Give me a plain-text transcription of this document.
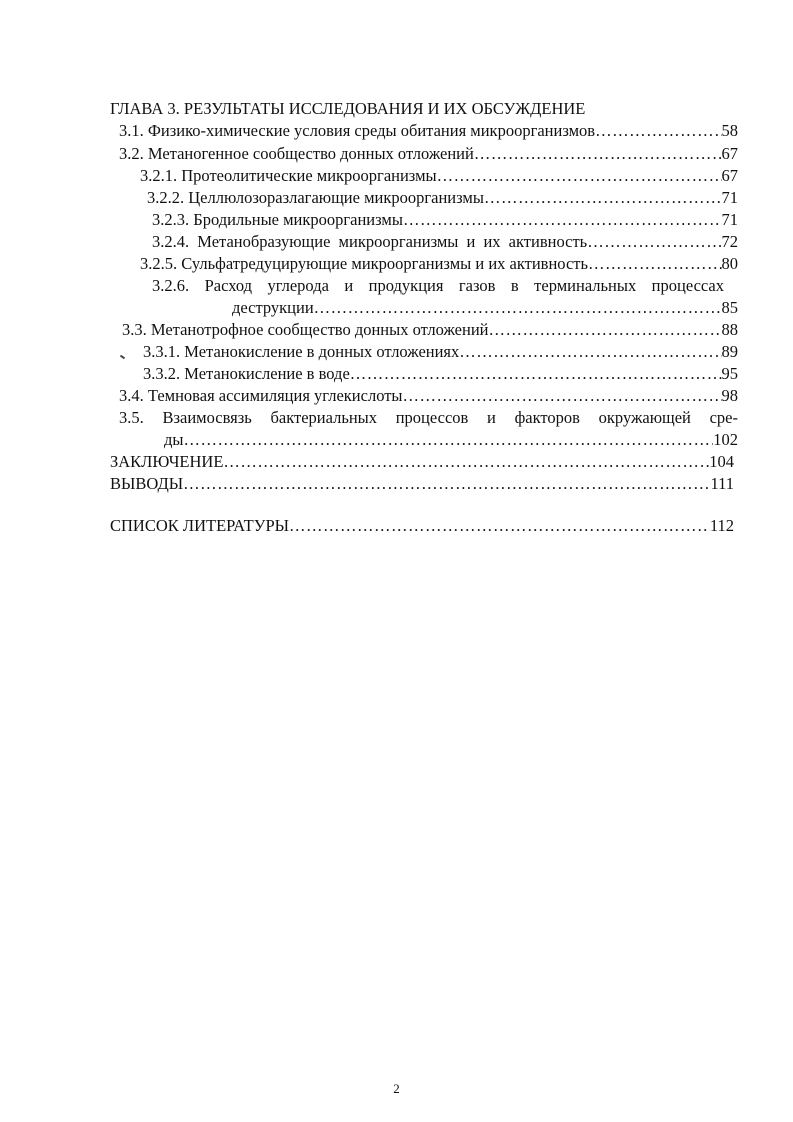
ГЛАВА 3. РЕЗУЛЬТАТЫ ИССЛЕДОВАНИЯ И ИХ ОБСУЖДЕНИЕ
3.1. Физико-химические условия среды обитания микроорганизмов ……………………………………………………………………………………………………………………………………………………………………………………………………	58
3.2. Метаногенное сообщество донных отложений ……………………………………………………………………………………………………………………………………………………………………………………………………	67
3.2.1. Протеолитические микроорганизмы ……………………………………………………………………………………………………………………………………………………………………………………………………	67
3.2.2. Целлюлозоразлагающие микроорганизмы ……………………………………………………………………………………………………………………………………………………………………………………………………	71
3.2.3. Бродильные микроорганизмы ……………………………………………………………………………………………………………………………………………………………………………………………………	71
3.2.4. Метанобразующие микроорганизмы и их активность ……………………………………………………………………………………………………………………………………………………………………………………………………	72
3.2.5. Сульфатредуцирующие микроорганизмы и их активность ……………………………………………………………………………………………………………………………………………………………………………………………………	80
3.2.6. Расход углерода и продукция газов в терминальных процессах
деструкции ……………………………………………………………………………………………………………………………………………………………………………………………………	85
3.3. Метанотрофное сообщество донных отложений ……………………………………………………………………………………………………………………………………………………………………………………………………	88
3.3.1. Метанокисление в донных отложениях ……………………………………………………………………………………………………………………………………………………………………………………………………	89
3.3.2. Метанокисление в воде ……………………………………………………………………………………………………………………………………………………………………………………………………	95
3.4. Темновая ассимиляция углекислоты ……………………………………………………………………………………………………………………………………………………………………………………………………	98
3.5. Взаимосвязь бактериальных процессов и факторов окружающей сре-
ды ……………………………………………………………………………………………………………………………………………………………………………………………………	102
ЗАКЛЮЧЕНИЕ ……………………………………………………………………………………………………………………………………………………………………………………………………	104
ВЫВОДЫ ……………………………………………………………………………………………………………………………………………………………………………………………………	111
СПИСОК ЛИТЕРАТУРЫ ……………………………………………………………………………………………………………………………………………………………………………………………………	112
2
